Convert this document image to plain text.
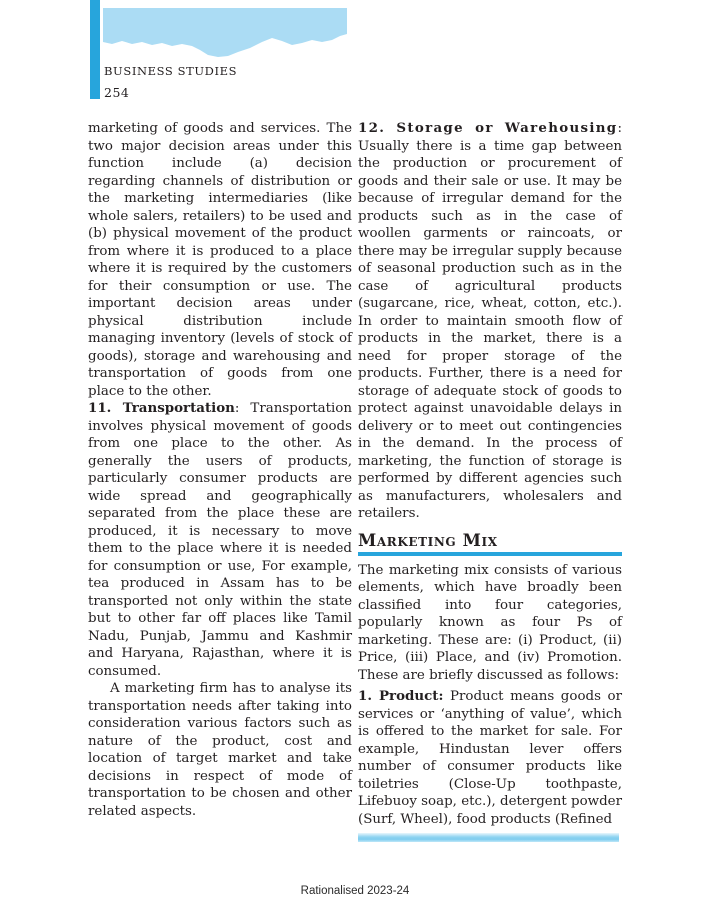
BUSINESS STUDIES
254

marketing of goods and services. The two major decision areas under this function include (a) decision regarding channels of distribution or the marketing intermediaries (like whole salers, retailers) to be used and (b) physical movement of the product from where it is produced to a place where it is required by the customers for their consumption or use. The important decision areas under physical distribution include managing inventory (levels of stock of goods), storage and warehousing and transportation of goods from one place to the other.

11. Transportation: Transportation involves physical movement of goods from one place to the other. As generally the users of products, particularly consumer products are wide spread and geographically separated from the place these are produced, it is necessary to move them to the place where it is needed for consumption or use, For example, tea produced in Assam has to be transported not only within the state but to other far off places like Tamil Nadu, Punjab, Jammu and Kashmir and Haryana, Rajasthan, where it is consumed.

A marketing firm has to analyse its transportation needs after taking into consideration various factors such as nature of the product, cost and location of target market and take decisions in respect of mode of transportation to be chosen and other related aspects.

12. Storage or Warehousing: Usually there is a time gap between the production or procurement of goods and their sale or use. It may be because of irregular demand for the products such as in the case of woollen garments or raincoats, or there may be irregular supply because of seasonal production such as in the case of agricultural products (sugarcane, rice, wheat, cotton, etc.). In order to maintain smooth flow of products in the market, there is a need for proper storage of the products. Further, there is a need for storage of adequate stock of goods to protect against unavoidable delays in delivery or to meet out contingencies in the demand. In the process of marketing, the function of storage is performed by different agencies such as manufacturers, wholesalers and retailers.

Marketing Mix

The marketing mix consists of various elements, which have broadly been classified into four categories, popularly known as four Ps of marketing. These are: (i) Product, (ii) Price, (iii) Place, and (iv) Promotion. These are briefly discussed as follows:

1. Product: Product means goods or services or ‘anything of value’, which is offered to the market for sale. For example, Hindustan lever offers number of consumer products like toiletries (Close-Up toothpaste, Lifebuoy soap, etc.), detergent powder (Surf, Wheel), food products (Refined

Rationalised 2023-24
